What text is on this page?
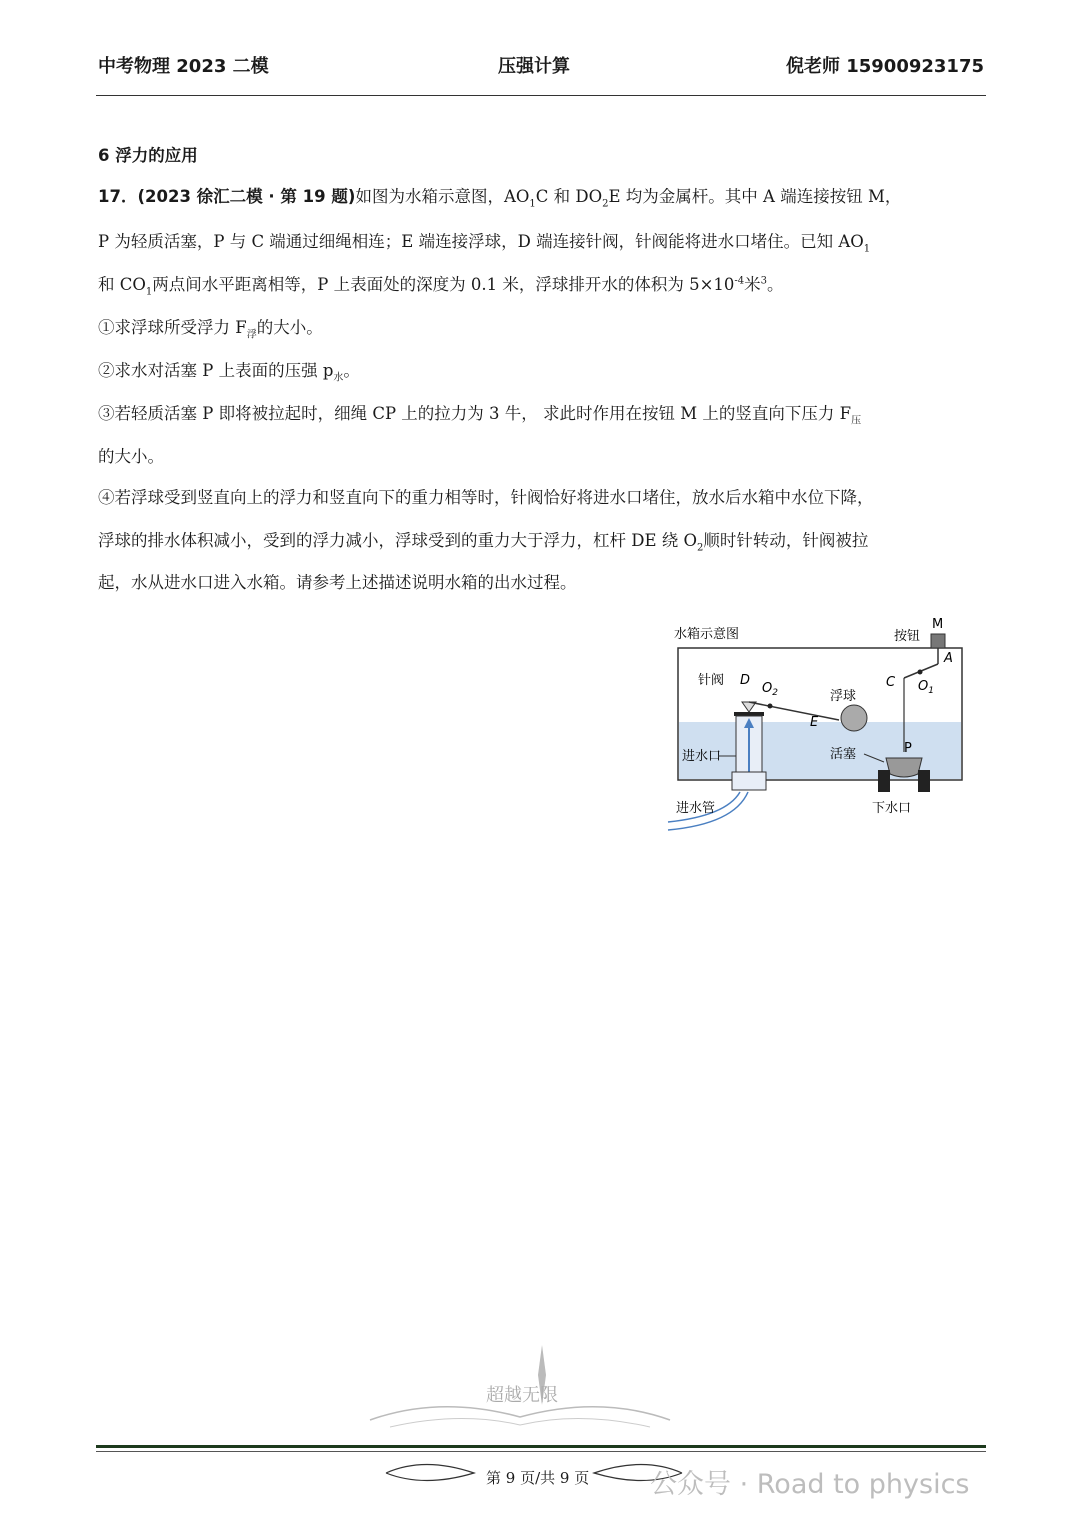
中考物理 2023 二模	压强计算	倪老师 15900923175
6 浮力的应用
17．(2023 徐汇二模 · 第 19 题)如图为水箱示意图，$AO_1C$ 和 $DO_2E$ 均为金属杆。其中 A 端连接按钮 M，
P 为轻质活塞，P 与 C 端通过细绳相连；E 端连接浮球，D 端连接针阀，针阀能将进水口堵住。已知 $AO_1$
和 $CO_1$两点间水平距离相等，P 上表面处的深度为 0.1 米，浮球排开水的体积为 $5\times 10^{-4}$米$^3$。
①求浮球所受浮力 $F_浮$的大小。
②求水对活塞 P 上表面的压强 $p_水$。
③若轻质活塞 P 即将被拉起时，细绳 CP 上的拉力为 3 牛， 求此时作用在按钮 M 上的竖直向下压力 $F_压$
的大小。
④若浮球受到竖直向上的浮力和竖直向下的重力相等时，针阀恰好将进水口堵住，放水后水箱中水位下降，
浮球的排水体积减小，受到的浮力减小，浮球受到的重力大于浮力，杠杆 DE 绕 $O_2$顺时针转动，针阀被拉
起，水从进水口进入水箱。请参考上述描述说明水箱的出水过程。
水箱示意图	按钮
M
A
$O_1$
C
P
活塞
下水口
针阀 D
$O_2$
进水口
浮球
E
进水管
超越无限
第 9 页/共 9 页 公众号 · Road to physics
